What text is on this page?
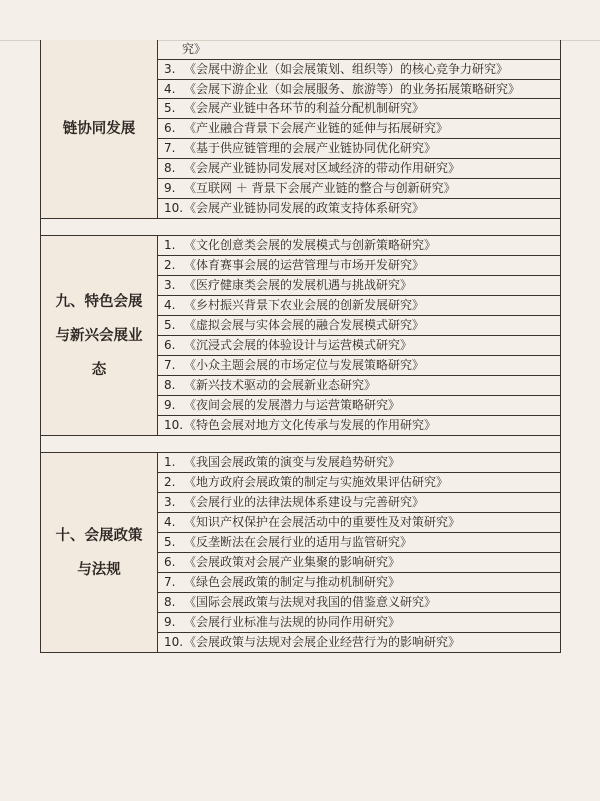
链协同发展
究》
3. 《会展中游企业（如会展策划、组织等）的核心竞争力研究》
4. 《会展下游企业（如会展服务、旅游等）的业务拓展策略研究》
5. 《会展产业链中各环节的利益分配机制研究》
6. 《产业融合背景下会展产业链的延伸与拓展研究》
7. 《基于供应链管理的会展产业链协同优化研究》
8. 《会展产业链协同发展对区域经济的带动作用研究》
9. 《互联网 ＋ 背景下会展产业链的整合与创新研究》
10.《会展产业链协同发展的政策支持体系研究》
九、特色会展与新兴会展业态
1. 《文化创意类会展的发展模式与创新策略研究》
2. 《体育赛事会展的运营管理与市场开发研究》
3. 《医疗健康类会展的发展机遇与挑战研究》
4. 《乡村振兴背景下农业会展的创新发展研究》
5. 《虚拟会展与实体会展的融合发展模式研究》
6. 《沉浸式会展的体验设计与运营模式研究》
7. 《小众主题会展的市场定位与发展策略研究》
8. 《新兴技术驱动的会展新业态研究》
9. 《夜间会展的发展潜力与运营策略研究》
10.《特色会展对地方文化传承与发展的作用研究》
十、会展政策与法规
1. 《我国会展政策的演变与发展趋势研究》
2. 《地方政府会展政策的制定与实施效果评估研究》
3. 《会展行业的法律法规体系建设与完善研究》
4. 《知识产权保护在会展活动中的重要性及对策研究》
5. 《反垄断法在会展行业的适用与监管研究》
6. 《会展政策对会展产业集聚的影响研究》
7. 《绿色会展政策的制定与推动机制研究》
8. 《国际会展政策与法规对我国的借鉴意义研究》
9. 《会展行业标准与法规的协同作用研究》
10.《会展政策与法规对会展企业经营行为的影响研究》
